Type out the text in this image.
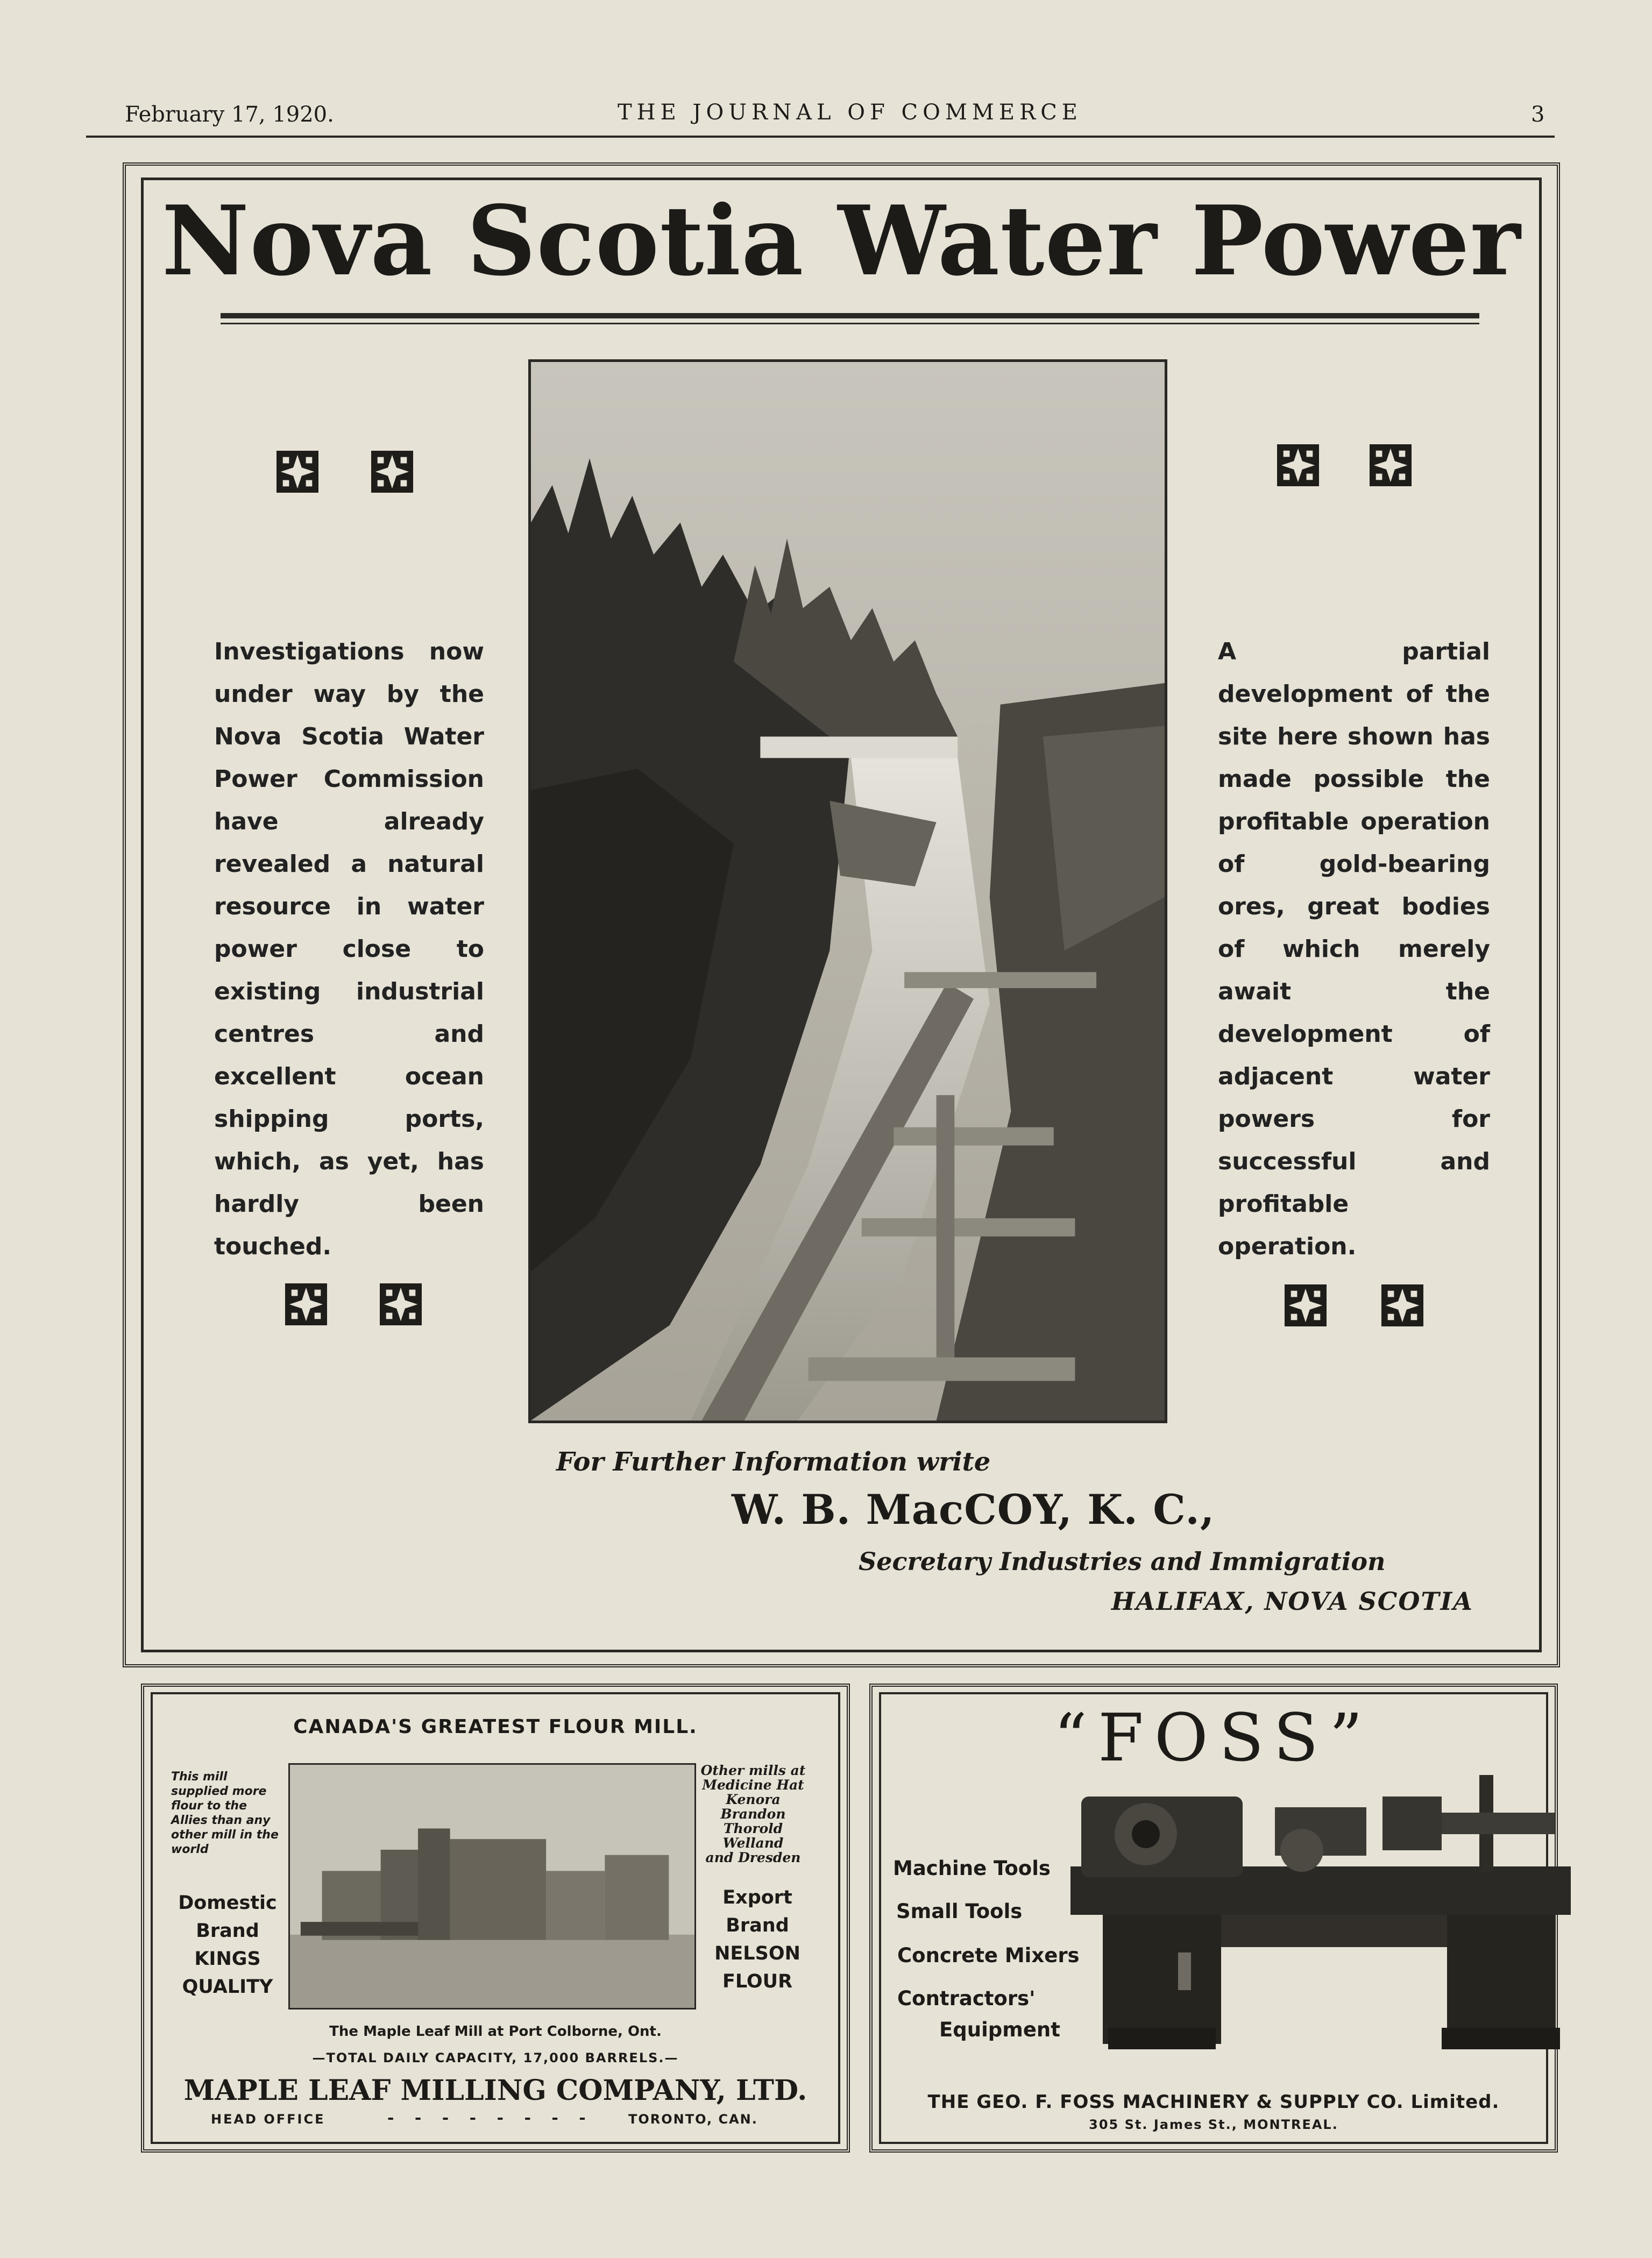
February 17, 1920.	THE JOURNAL OF COMMERCE	3
Nova Scotia Water Power
Investigations now under way by the Nova Scotia Water Power Commission have already revealed a natural resource in water power close to existing industrial centres and excellent ocean shipping ports, which, as yet, has hardly been touched.
A partial development of the site here shown has made possible the profitable operation of gold-bearing ores, great bodies of which merely await the development of adjacent water powers for successful and profitable operation.
For Further Information write
W. B. MacCOY, K. C.,
Secretary Industries and Immigration
HALIFAX, NOVA SCOTIA
CANADA'S GREATEST FLOUR MILL.
This mill supplied more flour to the Allies than any other mill in the world
Other mills at
Medicine Hat
Kenora
Brandon
Thorold
Welland
and Dresden
Domestic
Brand
KINGS
QUALITY
Export
Brand
NELSON
FLOUR
The Maple Leaf Mill at Port Colborne, Ont.
—TOTAL DAILY CAPACITY, 17,000 BARRELS.—
MAPLE LEAF MILLING COMPANY, LTD.
HEAD OFFICE	- - - - - - - -	TORONTO, CAN.
“FOSS”
Machine Tools
Small Tools
Concrete Mixers
Contractors'
Equipment
THE GEO. F. FOSS MACHINERY & SUPPLY CO. Limited.
305 St. James St., MONTREAL.
